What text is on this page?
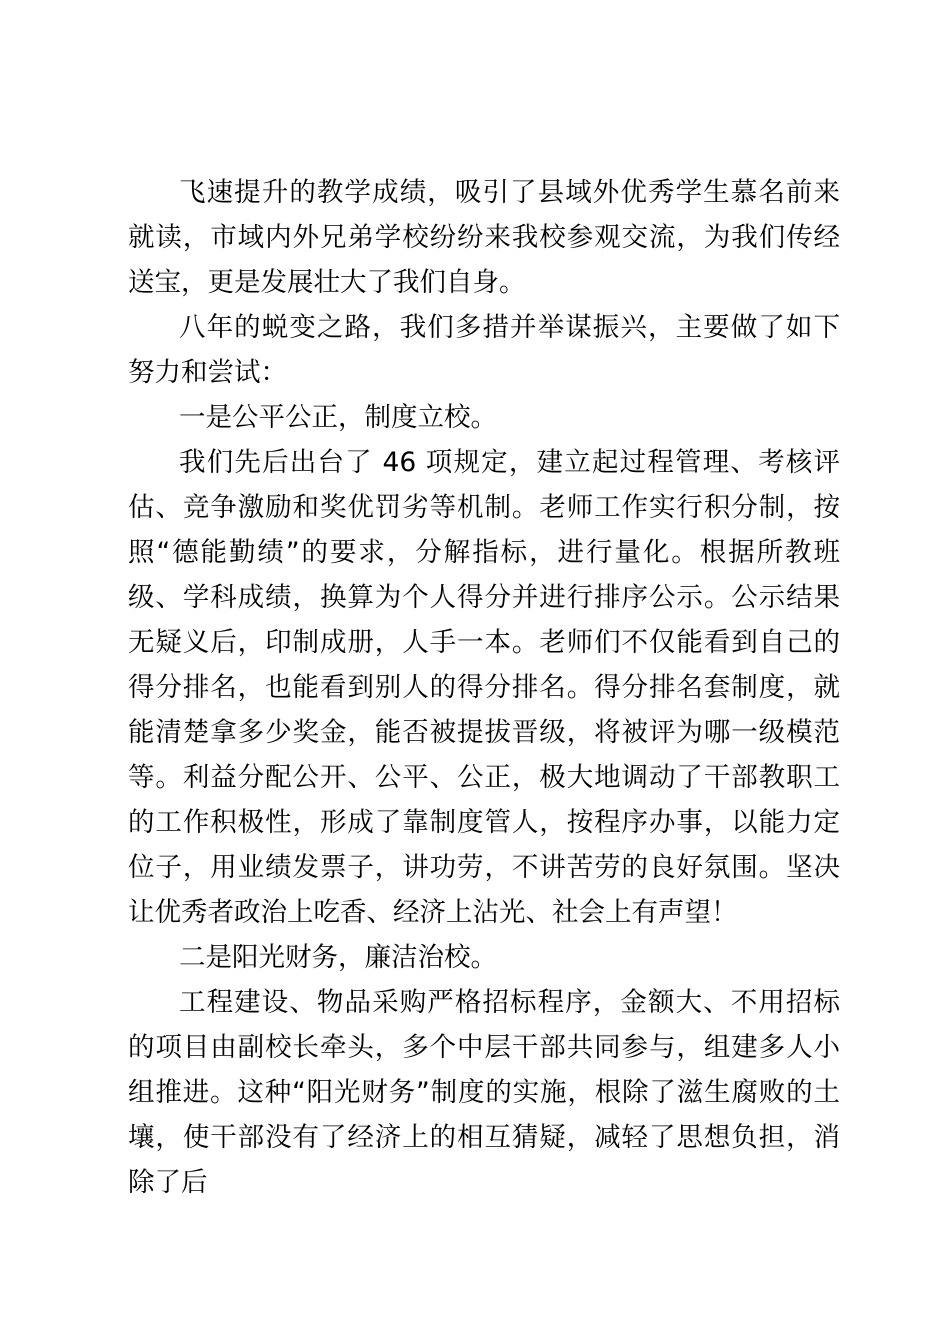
飞速提升的教学成绩，吸引了县域外优秀学生慕名前来就读，市域内外兄弟学校纷纷来我校参观交流，为我们传经送宝，更是发展壮大了我们自身。

八年的蜕变之路，我们多措并举谋振兴，主要做了如下努力和尝试：

一是公平公正，制度立校。

我们先后出台了 46 项规定，建立起过程管理、考核评估、竞争激励和奖优罚劣等机制。老师工作实行积分制，按照“德能勤绩”的要求，分解指标，进行量化。根据所教班级、学科成绩，换算为个人得分并进行排序公示。公示结果无疑义后，印制成册，人手一本。老师们不仅能看到自己的得分排名，也能看到别人的得分排名。得分排名套制度，就能清楚拿多少奖金，能否被提拔晋级，将被评为哪一级模范等。利益分配公开、公平、公正，极大地调动了干部教职工的工作积极性，形成了靠制度管人，按程序办事，以能力定位子，用业绩发票子，讲功劳，不讲苦劳的良好氛围。坚决让优秀者政治上吃香、经济上沾光、社会上有声望！

二是阳光财务，廉洁治校。

工程建设、物品采购严格招标程序，金额大、不用招标的项目由副校长牵头，多个中层干部共同参与，组建多人小组推进。这种“阳光财务”制度的实施，根除了滋生腐败的土壤，使干部没有了经济上的相互猜疑，减轻了思想负担，消除了后
